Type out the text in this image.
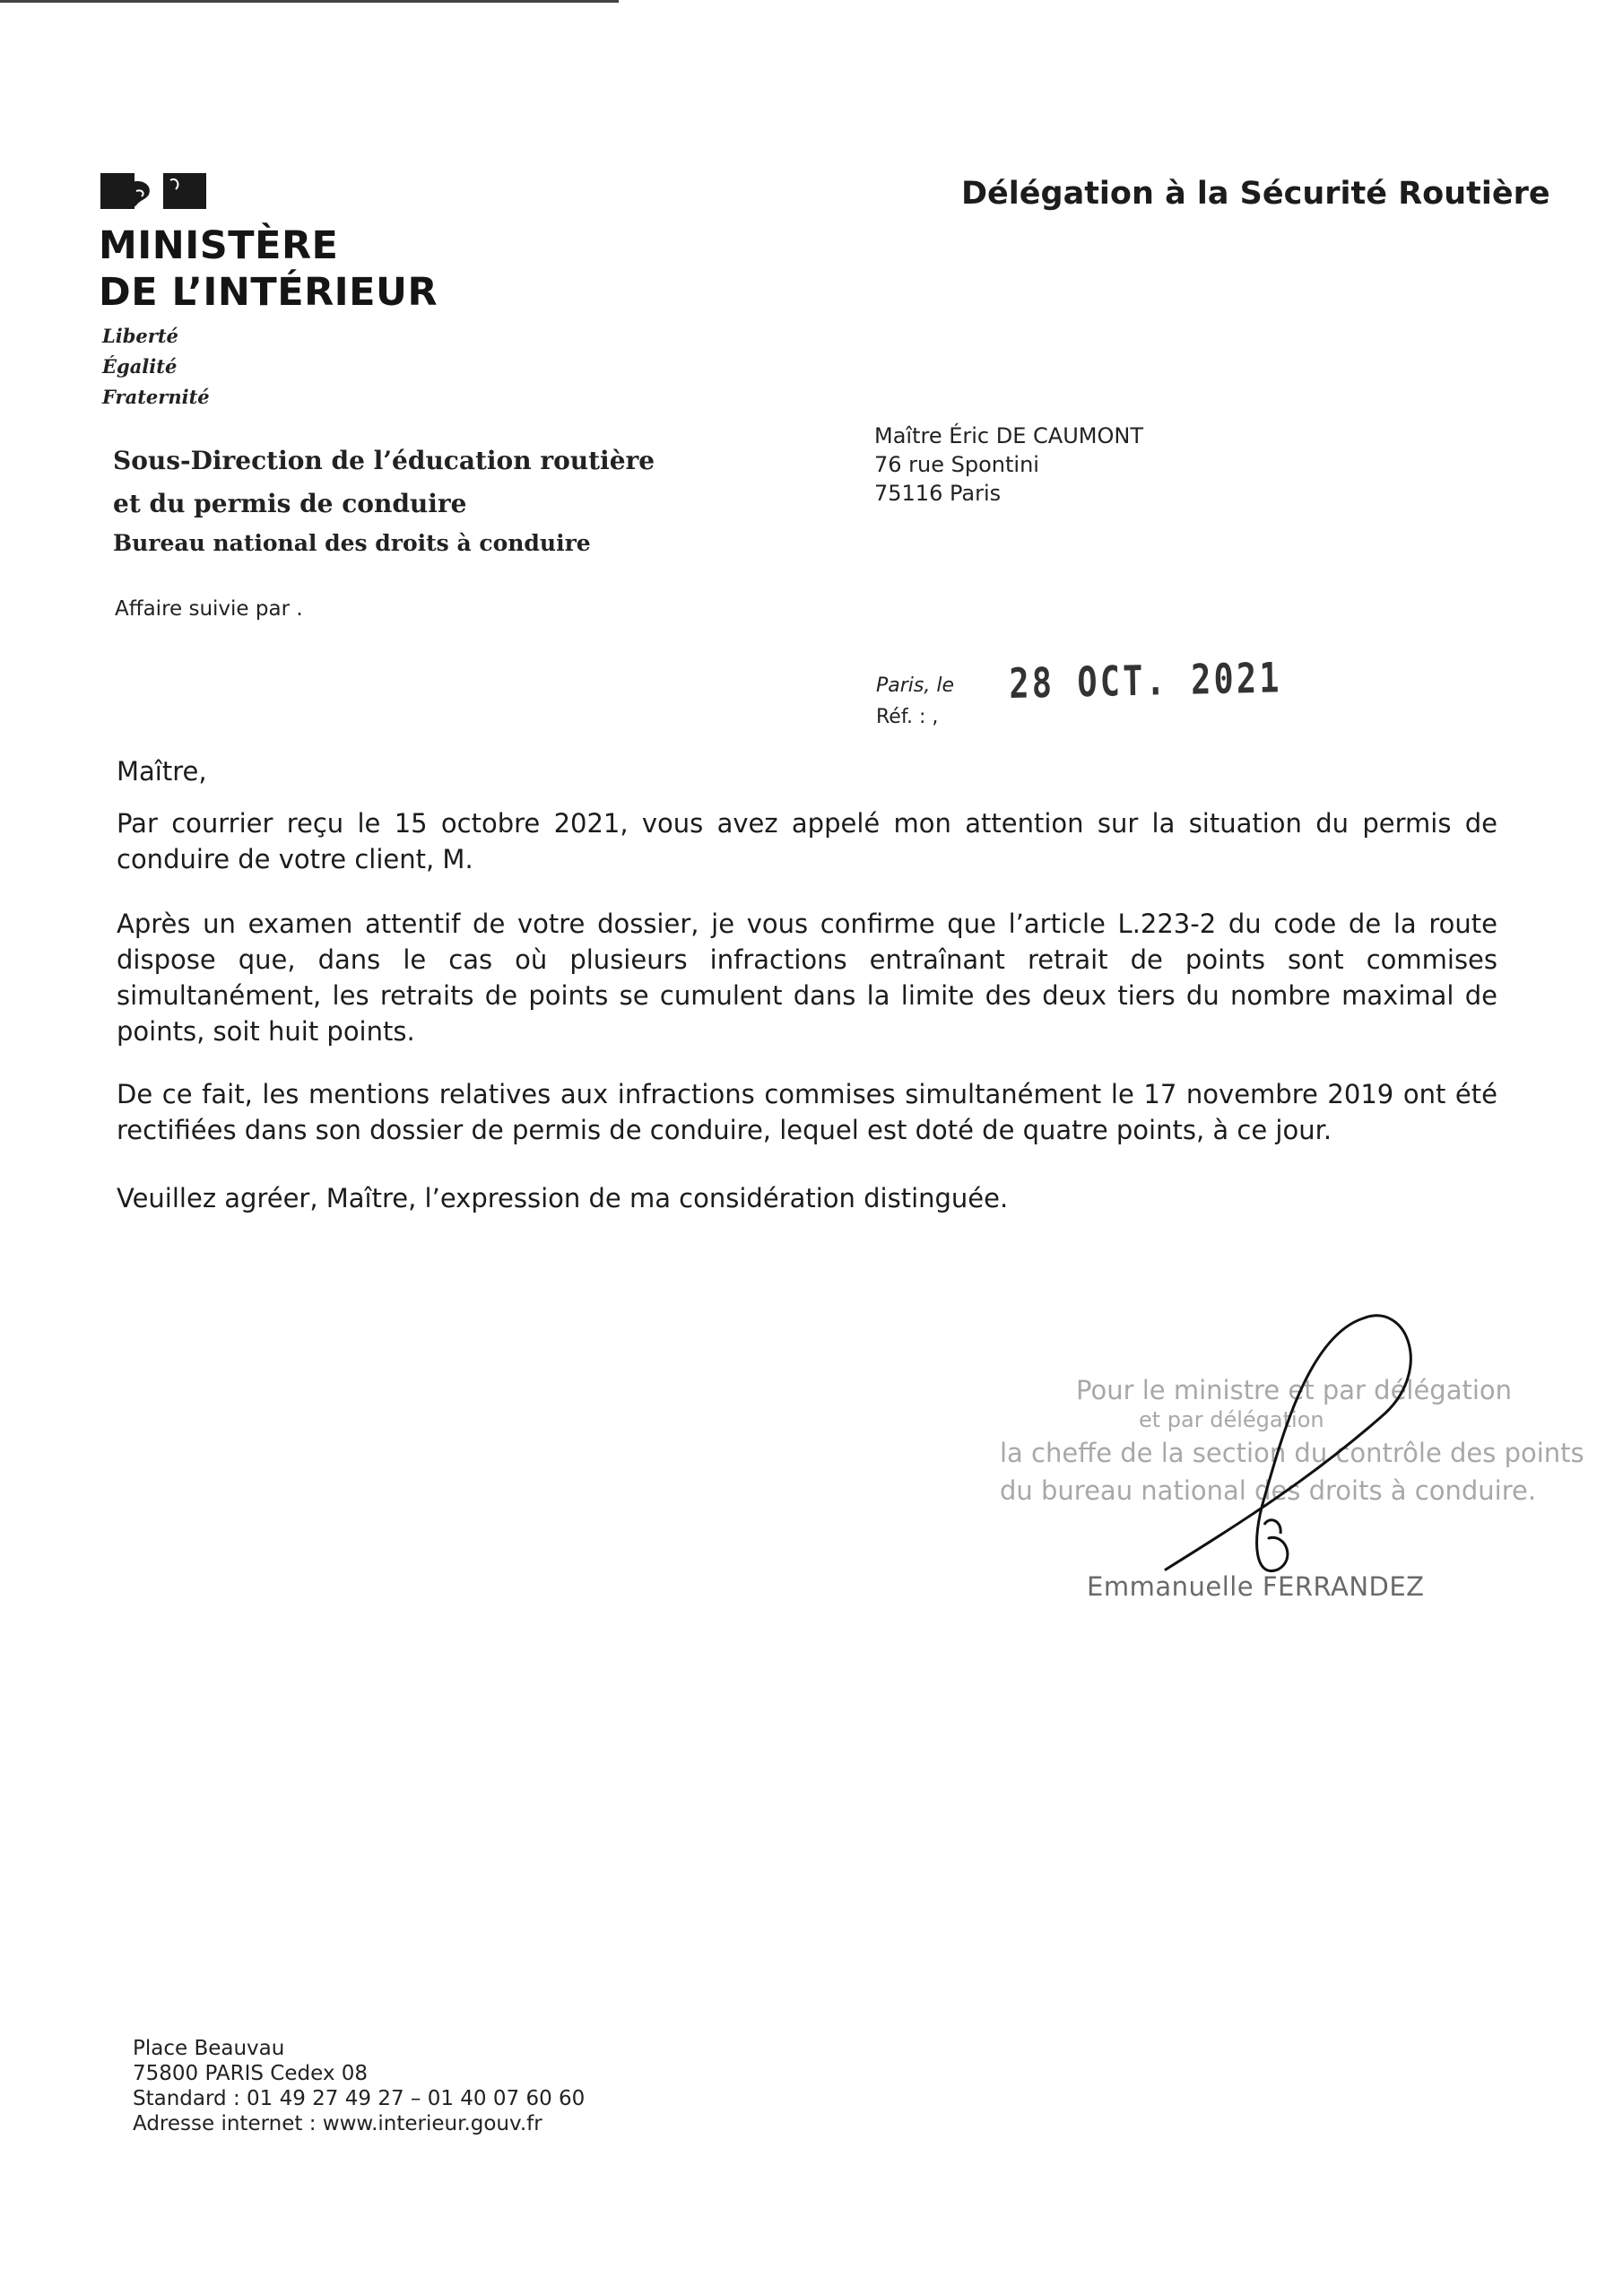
MINISTÈRE
DE L’INTÉRIEUR
Liberté
Égalité
Fraternité
Délégation à la Sécurité Routière
Sous-Direction de l’éducation routière
et du permis de conduire
Bureau national des droits à conduire
Affaire suivie par .
Maître Éric DE CAUMONT
76 rue Spontini
75116 Paris
Paris, le
Réf. : ,
28 OCT. 2021
Maître,
Par courrier reçu le 15 octobre 2021, vous avez appelé mon attention sur la situation du permis de conduire de votre client, M.
Après un examen attentif de votre dossier, je vous confirme que l’article L.223-2 du code de la route dispose que, dans le cas où plusieurs infractions entraînant retrait de points sont commises simultanément, les retraits de points se cumulent dans la limite des deux tiers du nombre maximal de points, soit huit points.
De ce fait, les mentions relatives aux infractions commises simultanément le 17 novembre 2019 ont été rectifiées dans son dossier de permis de conduire, lequel est doté de quatre points, à ce jour.
Veuillez agréer, Maître, l’expression de ma considération distinguée.
Pour le ministre et par délégation
et par délégation
la cheffe de la section du contrôle des points
du bureau national des droits à conduire.
Emmanuelle FERRANDEZ
Place Beauvau
75800 PARIS Cedex 08
Standard : 01 49 27 49 27 – 01 40 07 60 60
Adresse internet : www.interieur.gouv.fr
